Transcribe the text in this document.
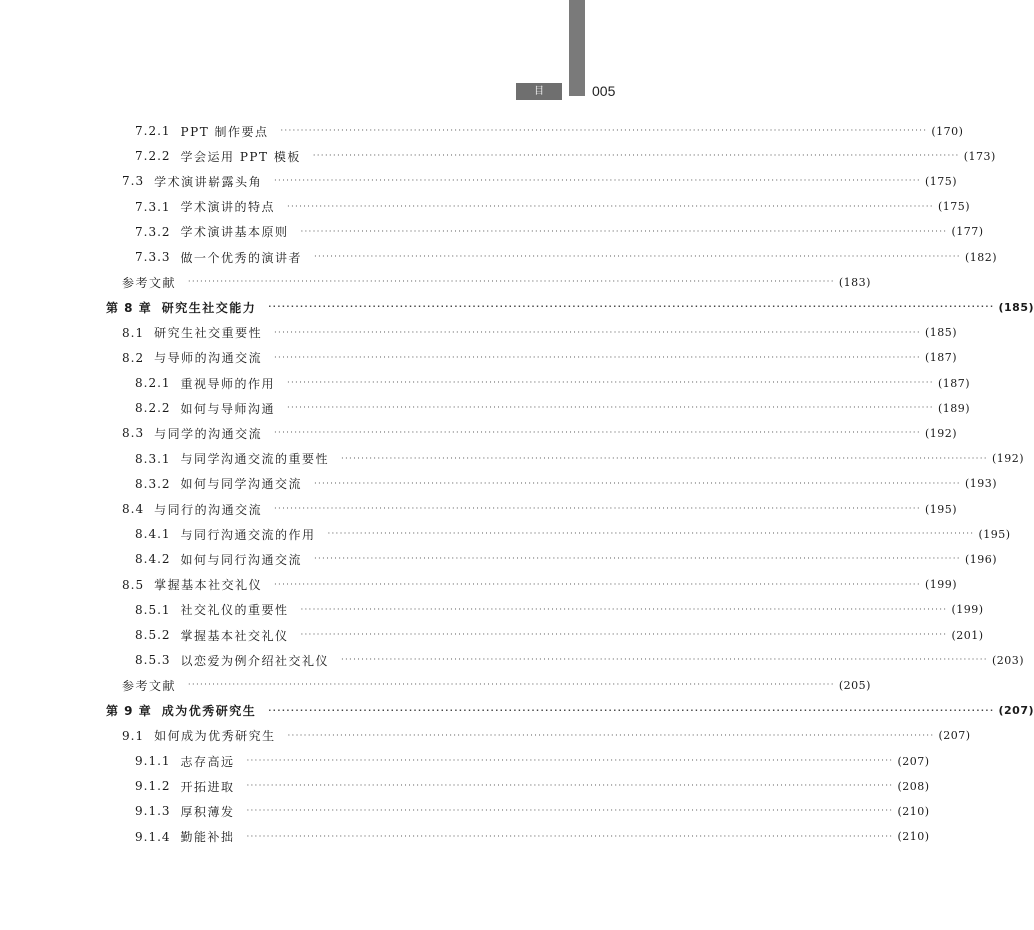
目 录
005
7.2.1 PPT 制作要点 ································································································································································ (170)
7.2.2 学会运用 PPT 模板 ································································································································································ (173)
7.3 学术演讲崭露头角 ································································································································································ (175)
7.3.1 学术演讲的特点 ································································································································································ (175)
7.3.2 学术演讲基本原则 ································································································································································ (177)
7.3.3 做一个优秀的演讲者 ································································································································································ (182)
参考文献 ································································································································································ (183)
第 8 章 研究生社交能力 ································································································································································ (185)
8.1 研究生社交重要性 ································································································································································ (185)
8.2 与导师的沟通交流 ································································································································································ (187)
8.2.1 重视导师的作用 ································································································································································ (187)
8.2.2 如何与导师沟通 ································································································································································ (189)
8.3 与同学的沟通交流 ································································································································································ (192)
8.3.1 与同学沟通交流的重要性 ································································································································································ (192)
8.3.2 如何与同学沟通交流 ································································································································································ (193)
8.4 与同行的沟通交流 ································································································································································ (195)
8.4.1 与同行沟通交流的作用 ································································································································································ (195)
8.4.2 如何与同行沟通交流 ································································································································································ (196)
8.5 掌握基本社交礼仪 ································································································································································ (199)
8.5.1 社交礼仪的重要性 ································································································································································ (199)
8.5.2 掌握基本社交礼仪 ································································································································································ (201)
8.5.3 以恋爱为例介绍社交礼仪 ································································································································································ (203)
参考文献 ································································································································································ (205)
第 9 章 成为优秀研究生 ································································································································································ (207)
9.1 如何成为优秀研究生 ································································································································································ (207)
9.1.1 志存高远 ································································································································································ (207)
9.1.2 开拓进取 ································································································································································ (208)
9.1.3 厚积薄发 ································································································································································ (210)
9.1.4 勤能补拙 ································································································································································ (210)
